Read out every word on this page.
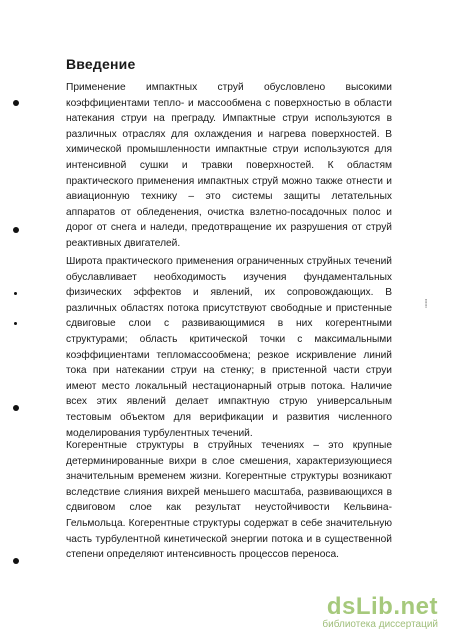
Введение
Применение импактных струй обусловлено высокими коэффициентами тепло- и массообмена с поверхностью в области натекания струи на преграду. Импактные струи используются в различных отраслях для охлаждения и нагрева поверхностей. В химической промышленности импактные струи используются для интенсивной сушки и травки поверхностей. К областям практического применения импактных струй можно также отнести и авиационную технику – это системы защиты летательных аппаратов от обледенения, очистка взлетно-посадочных полос и дорог от снега и наледи, предотвращение их разрушения от струй реактивных двигателей.
Широта практического применения ограниченных струйных течений обуславливает необходимость изучения фундаментальных физических эффектов и явлений, их сопровождающих. В различных областях потока присутствуют свободные и пристенные сдвиговые слои с развивающимися в них когерентными структурами; область критической точки с максимальными коэффициентами тепломассообмена; резкое искривление линий тока при натекании струи на стенку; в пристенной части струи имеют место локальный нестационарный отрыв потока. Наличие всех этих явлений делает импактную струю универсальным тестовым объектом для верификации и развития численного моделирования турбулентных течений.
Когерентные структуры в струйных течениях – это крупные детерминированные вихри в слое смешения, характеризующиеся значительным временем жизни. Когерентные структуры возникают вследствие слияния вихрей меньшего масштаба, развивающихся в сдвиговом слое как результат неустойчивости Кельвина-Гельмольца. Когерентные структуры содержат в себе значительную часть турбулентной кинетической энергии потока и в существенной степени определяют интенсивность процессов переноса.
⸽
dsLib.net
библиотека диссертаций
